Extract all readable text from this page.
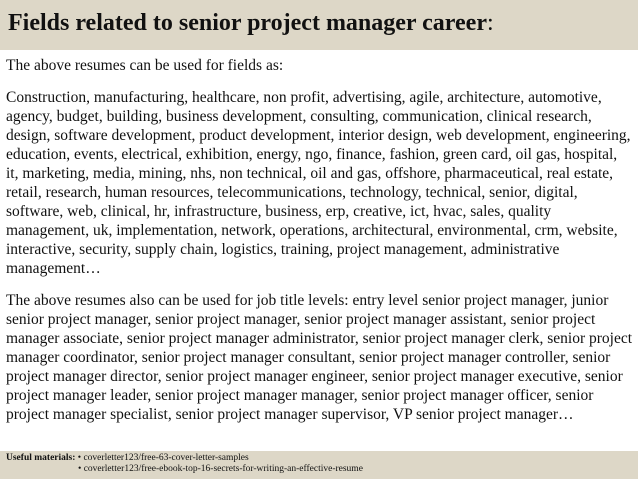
Fields related to senior project manager career:

The above resumes can be used for fields as:

Construction, manufacturing, healthcare, non profit, advertising, agile, architecture, automotive, agency, budget, building, business development, consulting, communication, clinical research, design, software development, product development, interior design, web development, engineering, education, events, electrical, exhibition, energy, ngo, finance, fashion, green card, oil gas, hospital, it, marketing, media, mining, nhs, non technical, oil and gas, offshore, pharmaceutical, real estate, retail, research, human resources, telecommunications, technology, technical, senior, digital, software, web, clinical, hr, infrastructure, business, erp, creative, ict, hvac, sales, quality management, uk, implementation, network, operations, architectural, environmental, crm, website, interactive, security, supply chain, logistics, training, project management, administrative management…

The above resumes also can be used for job title levels: entry level senior project manager, junior senior project manager, senior project manager, senior project manager assistant, senior project manager associate, senior project manager administrator, senior project manager clerk, senior project manager coordinator, senior project manager consultant, senior project manager controller, senior project manager director, senior project manager engineer, senior project manager executive, senior project manager leader, senior project manager manager, senior project manager officer, senior project manager specialist, senior project manager supervisor, VP senior project manager…

Useful materials: • coverletter123/free-63-cover-letter-samples
• coverletter123/free-ebook-top-16-secrets-for-writing-an-effective-resume
